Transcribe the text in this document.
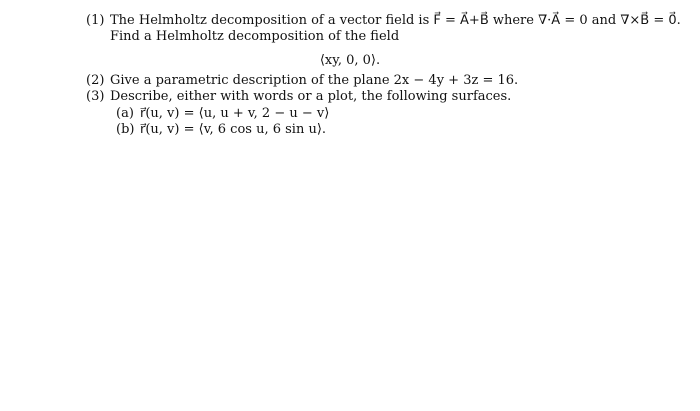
(1) The Helmholtz decomposition of a vector field is F⃗ = A⃗+B⃗ where ∇·A⃗ = 0 and ∇×B⃗ = 0⃗.
Find a Helmholtz decomposition of the field
⟨xy, 0, 0⟩.
(2) Give a parametric description of the plane 2x − 4y + 3z = 16.
(3) Describe, either with words or a plot, the following surfaces.
(a) r⃗(u, v) = ⟨u, u + v, 2 − u − v⟩
(b) r⃗(u, v) = ⟨v, 6 cos u, 6 sin u⟩.
